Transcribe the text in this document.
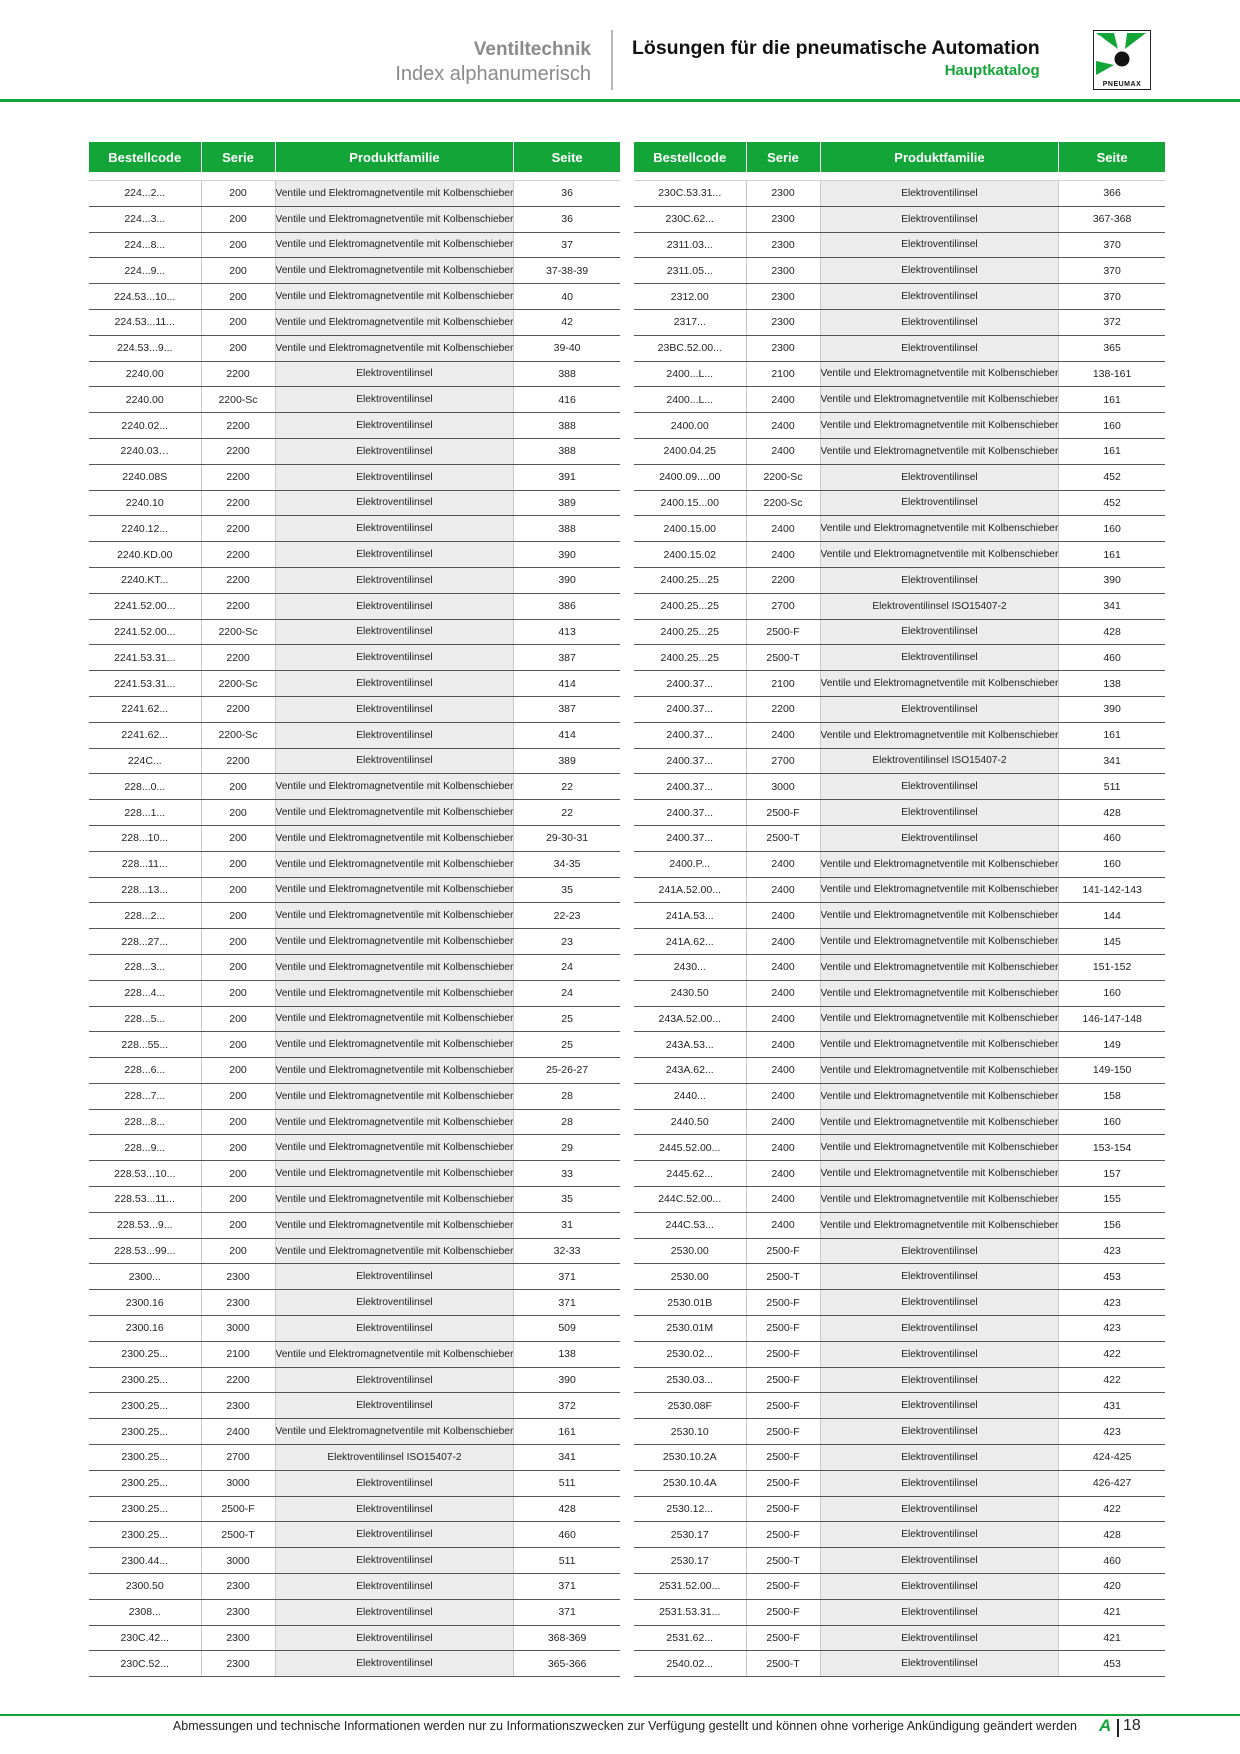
Ventiltechnik
Index alphanumerisch
Lösungen für die pneumatische Automation
Hauptkatalog
PNEUMAX
Bestellcode	Serie	Produktfamilie	Seite

224...2...	200	Ventile und Elektromagnetventile mit Kolbenschieber	36
224...3...	200	Ventile und Elektromagnetventile mit Kolbenschieber	36
224...8...	200	Ventile und Elektromagnetventile mit Kolbenschieber	37
224...9...	200	Ventile und Elektromagnetventile mit Kolbenschieber	37-38-39
224.53...10...	200	Ventile und Elektromagnetventile mit Kolbenschieber	40
224.53...11...	200	Ventile und Elektromagnetventile mit Kolbenschieber	42
224.53...9...	200	Ventile und Elektromagnetventile mit Kolbenschieber	39-40
2240.00	2200	Elektroventilinsel	388
2240.00	2200-Sc	Elektroventilinsel	416
2240.02...	2200	Elektroventilinsel	388
2240.03…	2200	Elektroventilinsel	388
2240.08S	2200	Elektroventilinsel	391
2240.10	2200	Elektroventilinsel	389
2240.12...	2200	Elektroventilinsel	388
2240.KD.00	2200	Elektroventilinsel	390
2240.KT...	2200	Elektroventilinsel	390
2241.52.00...	2200	Elektroventilinsel	386
2241.52.00...	2200-Sc	Elektroventilinsel	413
2241.53.31...	2200	Elektroventilinsel	387
2241.53.31...	2200-Sc	Elektroventilinsel	414
2241.62...	2200	Elektroventilinsel	387
2241.62...	2200-Sc	Elektroventilinsel	414
224C...	2200	Elektroventilinsel	389
228...0...	200	Ventile und Elektromagnetventile mit Kolbenschieber	22
228...1...	200	Ventile und Elektromagnetventile mit Kolbenschieber	22
228...10...	200	Ventile und Elektromagnetventile mit Kolbenschieber	29-30-31
228...11...	200	Ventile und Elektromagnetventile mit Kolbenschieber	34-35
228...13...	200	Ventile und Elektromagnetventile mit Kolbenschieber	35
228...2...	200	Ventile und Elektromagnetventile mit Kolbenschieber	22-23
228...27...	200	Ventile und Elektromagnetventile mit Kolbenschieber	23
228...3...	200	Ventile und Elektromagnetventile mit Kolbenschieber	24
228...4...	200	Ventile und Elektromagnetventile mit Kolbenschieber	24
228...5...	200	Ventile und Elektromagnetventile mit Kolbenschieber	25
228...55...	200	Ventile und Elektromagnetventile mit Kolbenschieber	25
228...6...	200	Ventile und Elektromagnetventile mit Kolbenschieber	25-26-27
228...7...	200	Ventile und Elektromagnetventile mit Kolbenschieber	28
228...8...	200	Ventile und Elektromagnetventile mit Kolbenschieber	28
228...9...	200	Ventile und Elektromagnetventile mit Kolbenschieber	29
228.53...10...	200	Ventile und Elektromagnetventile mit Kolbenschieber	33
228.53...11...	200	Ventile und Elektromagnetventile mit Kolbenschieber	35
228.53...9...	200	Ventile und Elektromagnetventile mit Kolbenschieber	31
228.53...99...	200	Ventile und Elektromagnetventile mit Kolbenschieber	32-33
2300...	2300	Elektroventilinsel	371
2300.16	2300	Elektroventilinsel	371
2300.16	3000	Elektroventilinsel	509
2300.25...	2100	Ventile und Elektromagnetventile mit Kolbenschieber	138
2300.25...	2200	Elektroventilinsel	390
2300.25...	2300	Elektroventilinsel	372
2300.25...	2400	Ventile und Elektromagnetventile mit Kolbenschieber	161
2300.25...	2700	Elektroventilinsel ISO15407-2	341
2300.25...	3000	Elektroventilinsel	511
2300.25...	2500-F	Elektroventilinsel	428
2300.25...	2500-T	Elektroventilinsel	460
2300.44...	3000	Elektroventilinsel	511
2300.50	2300	Elektroventilinsel	371
2308...	2300	Elektroventilinsel	371
230C.42...	2300	Elektroventilinsel	368-369
230C.52...	2300	Elektroventilinsel	365-366
Bestellcode	Serie	Produktfamilie	Seite

230C.53.31...	2300	Elektroventilinsel	366
230C.62...	2300	Elektroventilinsel	367-368
2311.03...	2300	Elektroventilinsel	370
2311.05...	2300	Elektroventilinsel	370
2312.00	2300	Elektroventilinsel	370
2317...	2300	Elektroventilinsel	372
23BC.52.00...	2300	Elektroventilinsel	365
2400...L...	2100	Ventile und Elektromagnetventile mit Kolbenschieber	138-161
2400...L...	2400	Ventile und Elektromagnetventile mit Kolbenschieber	161
2400.00	2400	Ventile und Elektromagnetventile mit Kolbenschieber	160
2400.04.25	2400	Ventile und Elektromagnetventile mit Kolbenschieber	161
2400.09....00	2200-Sc	Elektroventilinsel	452
2400.15...00	2200-Sc	Elektroventilinsel	452
2400.15.00	2400	Ventile und Elektromagnetventile mit Kolbenschieber	160
2400.15.02	2400	Ventile und Elektromagnetventile mit Kolbenschieber	161
2400.25...25	2200	Elektroventilinsel	390
2400.25...25	2700	Elektroventilinsel ISO15407-2	341
2400.25...25	2500-F	Elektroventilinsel	428
2400.25...25	2500-T	Elektroventilinsel	460
2400.37...	2100	Ventile und Elektromagnetventile mit Kolbenschieber	138
2400.37...	2200	Elektroventilinsel	390
2400.37...	2400	Ventile und Elektromagnetventile mit Kolbenschieber	161
2400.37...	2700	Elektroventilinsel ISO15407-2	341
2400.37...	3000	Elektroventilinsel	511
2400.37...	2500-F	Elektroventilinsel	428
2400.37...	2500-T	Elektroventilinsel	460
2400.P...	2400	Ventile und Elektromagnetventile mit Kolbenschieber	160
241A.52.00...	2400	Ventile und Elektromagnetventile mit Kolbenschieber	141-142-143
241A.53...	2400	Ventile und Elektromagnetventile mit Kolbenschieber	144
241A.62...	2400	Ventile und Elektromagnetventile mit Kolbenschieber	145
2430...	2400	Ventile und Elektromagnetventile mit Kolbenschieber	151-152
2430.50	2400	Ventile und Elektromagnetventile mit Kolbenschieber	160
243A.52.00...	2400	Ventile und Elektromagnetventile mit Kolbenschieber	146-147-148
243A.53...	2400	Ventile und Elektromagnetventile mit Kolbenschieber	149
243A.62...	2400	Ventile und Elektromagnetventile mit Kolbenschieber	149-150
2440...	2400	Ventile und Elektromagnetventile mit Kolbenschieber	158
2440.50	2400	Ventile und Elektromagnetventile mit Kolbenschieber	160
2445.52.00...	2400	Ventile und Elektromagnetventile mit Kolbenschieber	153-154
2445.62...	2400	Ventile und Elektromagnetventile mit Kolbenschieber	157
244C.52.00...	2400	Ventile und Elektromagnetventile mit Kolbenschieber	155
244C.53...	2400	Ventile und Elektromagnetventile mit Kolbenschieber	156
2530.00	2500-F	Elektroventilinsel	423
2530.00	2500-T	Elektroventilinsel	453
2530.01B	2500-F	Elektroventilinsel	423
2530.01M	2500-F	Elektroventilinsel	423
2530.02...	2500-F	Elektroventilinsel	422
2530.03...	2500-F	Elektroventilinsel	422
2530.08F	2500-F	Elektroventilinsel	431
2530.10	2500-F	Elektroventilinsel	423
2530.10.2A	2500-F	Elektroventilinsel	424-425
2530.10.4A	2500-F	Elektroventilinsel	426-427
2530.12...	2500-F	Elektroventilinsel	422
2530.17	2500-F	Elektroventilinsel	428
2530.17	2500-T	Elektroventilinsel	460
2531.52.00...	2500-F	Elektroventilinsel	420
2531.53.31...	2500-F	Elektroventilinsel	421
2531.62...	2500-F	Elektroventilinsel	421
2540.02...	2500-T	Elektroventilinsel	453
Abmessungen und technische Informationen werden nur zu Informationszwecken zur Verfügung gestellt und können ohne vorherige Ankündigung geändert werden A 18
